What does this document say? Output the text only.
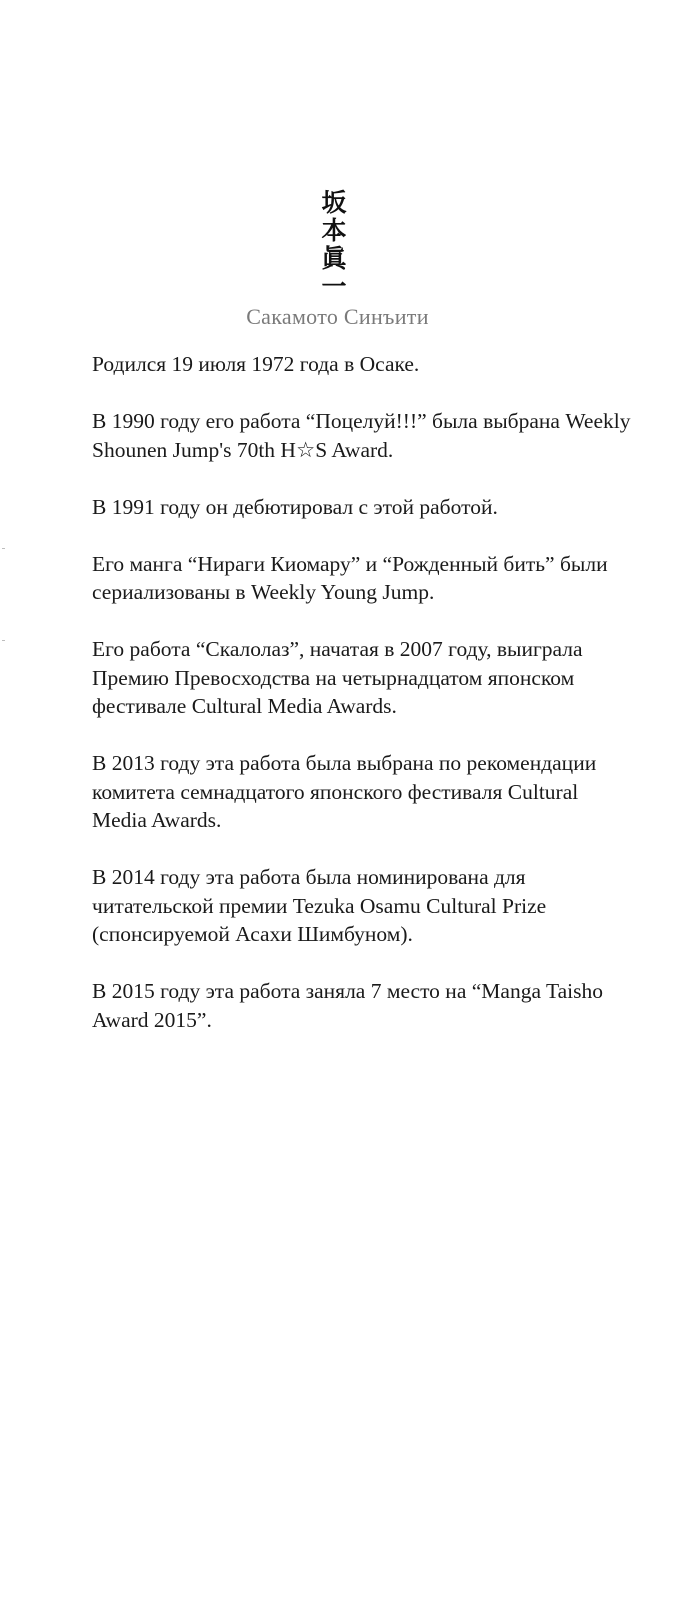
坂
本
眞
一
Сакамото Синъити

Родился 19 июля 1972 года в Осаке.

В 1990 году его работа “Поцелуй!!!” была выбрана Weekly Shounen Jump's 70th H☆S Award.

В 1991 году он дебютировал с этой работой.

Его манга “Нираги Киомару” и “Рожденный бить” были сериализованы в Weekly Young Jump.

Его работа “Скалолаз”, начатая в 2007 году, выиграла Премию Превосходства на четырнадцатом японском фестивале Cultural Media Awards.

В 2013 году эта работа была выбрана по рекомендации комитета семнадцатого японского фестиваля Cultural Media Awards.

В 2014 году эта работа была номинирована для читательской премии Tezuka Osamu Cultural Prize (спонсируемой Асахи Шимбуном).

В 2015 году эта работа заняла 7 место на “Manga Taisho Award 2015”.
